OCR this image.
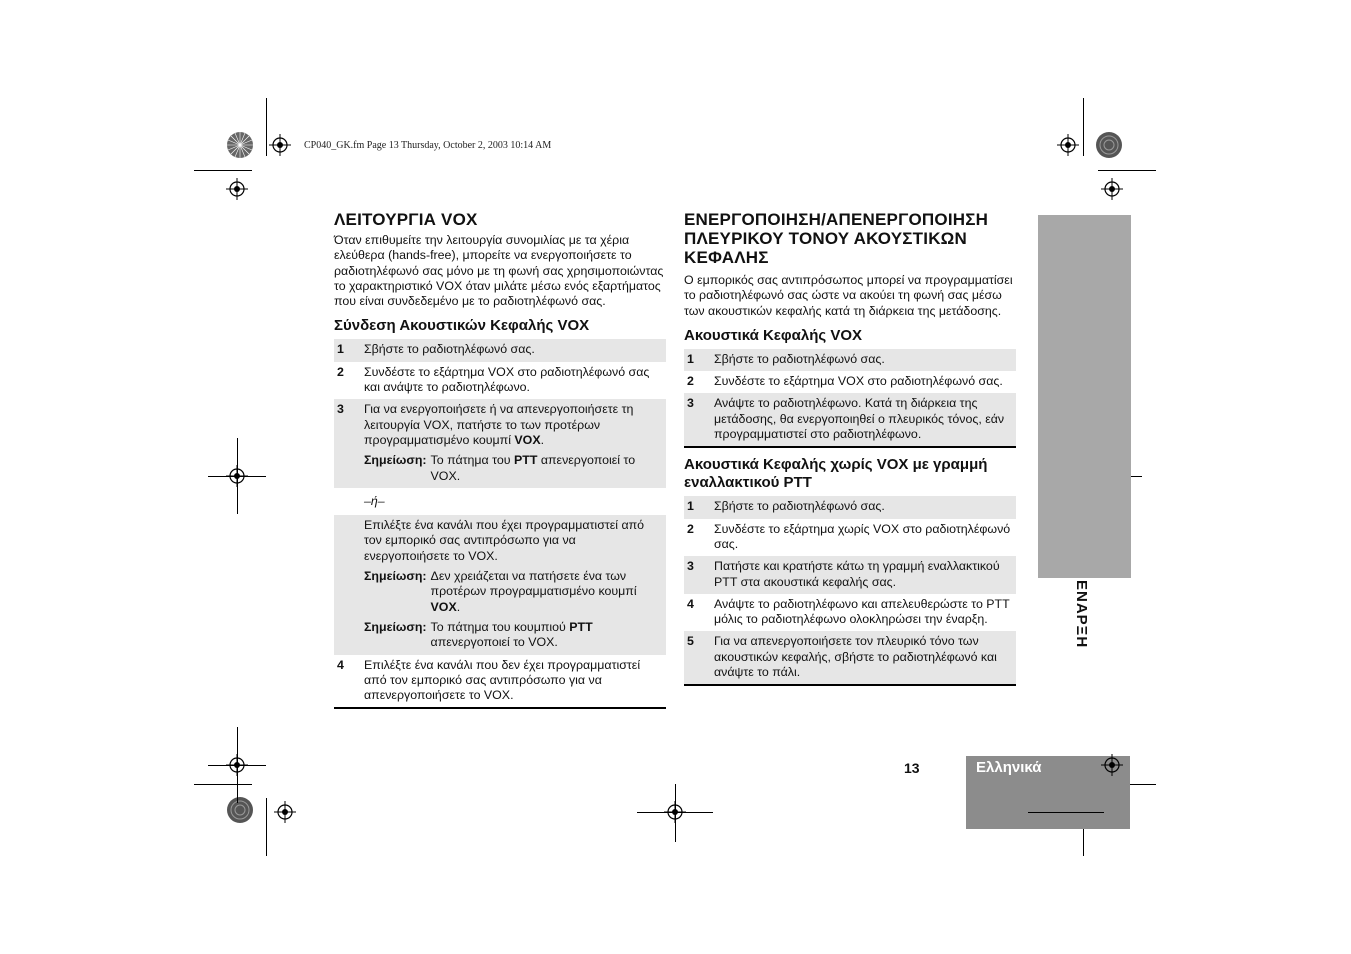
CP040_GK.fm Page 13 Thursday, October 2, 2003 10:14 AM
ΕΝΑΡΞΗ
Ελληνικά
13
ΛΕΙΤΟΥΡΓΙΑ VOX

Όταν επιθυμείτε την λειτουργία συνομιλίας με τα χέρια ελεύθερα (hands-free), μπορείτε να ενεργοποιήσετε το ραδιοτηλέφωνό σας μόνο με τη φωνή σας χρησιμοποιώντας το χαρακτηριστικό VOX όταν μιλάτε μέσω ενός εξαρτήματος που είναι συνδεδεμένο με το ραδιοτηλέφωνό σας.

Σύνδεση Ακουστικών Κεφαλής VOX
1	Σβήστε το ραδιοτηλέφωνό σας.
2	Συνδέστε το εξάρτημα VOX στο ραδιοτηλέφωνό σας και ανάψτε το ραδιοτηλέφωνο.
3	Για να ενεργοποιήσετε ή να απενεργοποιήσετε τη λειτουργία VOX, πατήστε το των προτέρων προγραμματισμένο κουμπί VOX.
Σημείωση: Το πάτημα του PTT απενεργοποιεί το VOX.
–ή–
Επιλέξτε ένα κανάλι που έχει προγραμματιστεί από τον εμπορικό σας αντιπρόσωπο για να ενεργοποιήσετε το VOX.
Σημείωση: Δεν χρειάζεται να πατήσετε ένα των προτέρων προγραμματισμένο κουμπί VOX.
Σημείωση: Το πάτημα του κουμπιού PTT απενεργοποιεί το VOX.
4	Επιλέξτε ένα κανάλι που δεν έχει προγραμματιστεί από τον εμπορικό σας αντιπρόσωπο για να απενεργοποιήσετε το VOX.
ΕΝΕΡΓΟΠΟΙΗΣΗ/ΑΠΕΝΕΡΓΟΠΟΙΗΣΗ ΠΛΕΥΡΙΚΟΥ ΤΟΝΟΥ ΑΚΟΥΣΤΙΚΩΝ ΚΕΦΑΛΗΣ

Ο εμπορικός σας αντιπρόσωπος μπορεί να προγραμματίσει το ραδιοτηλέφωνό σας ώστε να ακούει τη φωνή σας μέσω των ακουστικών κεφαλής κατά τη διάρκεια της μετάδοσης.

Ακουστικά Κεφαλής VOX
1	Σβήστε το ραδιοτηλέφωνό σας.
2	Συνδέστε το εξάρτημα VOX στο ραδιοτηλέφωνό σας.
3	Ανάψτε το ραδιοτηλέφωνο. Κατά τη διάρκεια της μετάδοσης, θα ενεργοποιηθεί ο πλευρικός τόνος, εάν προγραμματιστεί στο ραδιοτηλέφωνο.
Ακουστικά Κεφαλής χωρίς VOX με γραμμή εναλλακτικού PTT
1	Σβήστε το ραδιοτηλέφωνό σας.
2	Συνδέστε το εξάρτημα χωρίς VOX στο ραδιοτηλέφωνό σας.
3	Πατήστε και κρατήστε κάτω τη γραμμή εναλλακτικού PTT στα ακουστικά κεφαλής σας.
4	Ανάψτε το ραδιοτηλέφωνο και απελευθερώστε το PTT μόλις το ραδιοτηλέφωνο ολοκληρώσει την έναρξη.
5	Για να απενεργοποιήσετε τον πλευρικό τόνο των ακουστικών κεφαλής, σβήστε το ραδιοτηλέφωνό και ανάψτε το πάλι.
